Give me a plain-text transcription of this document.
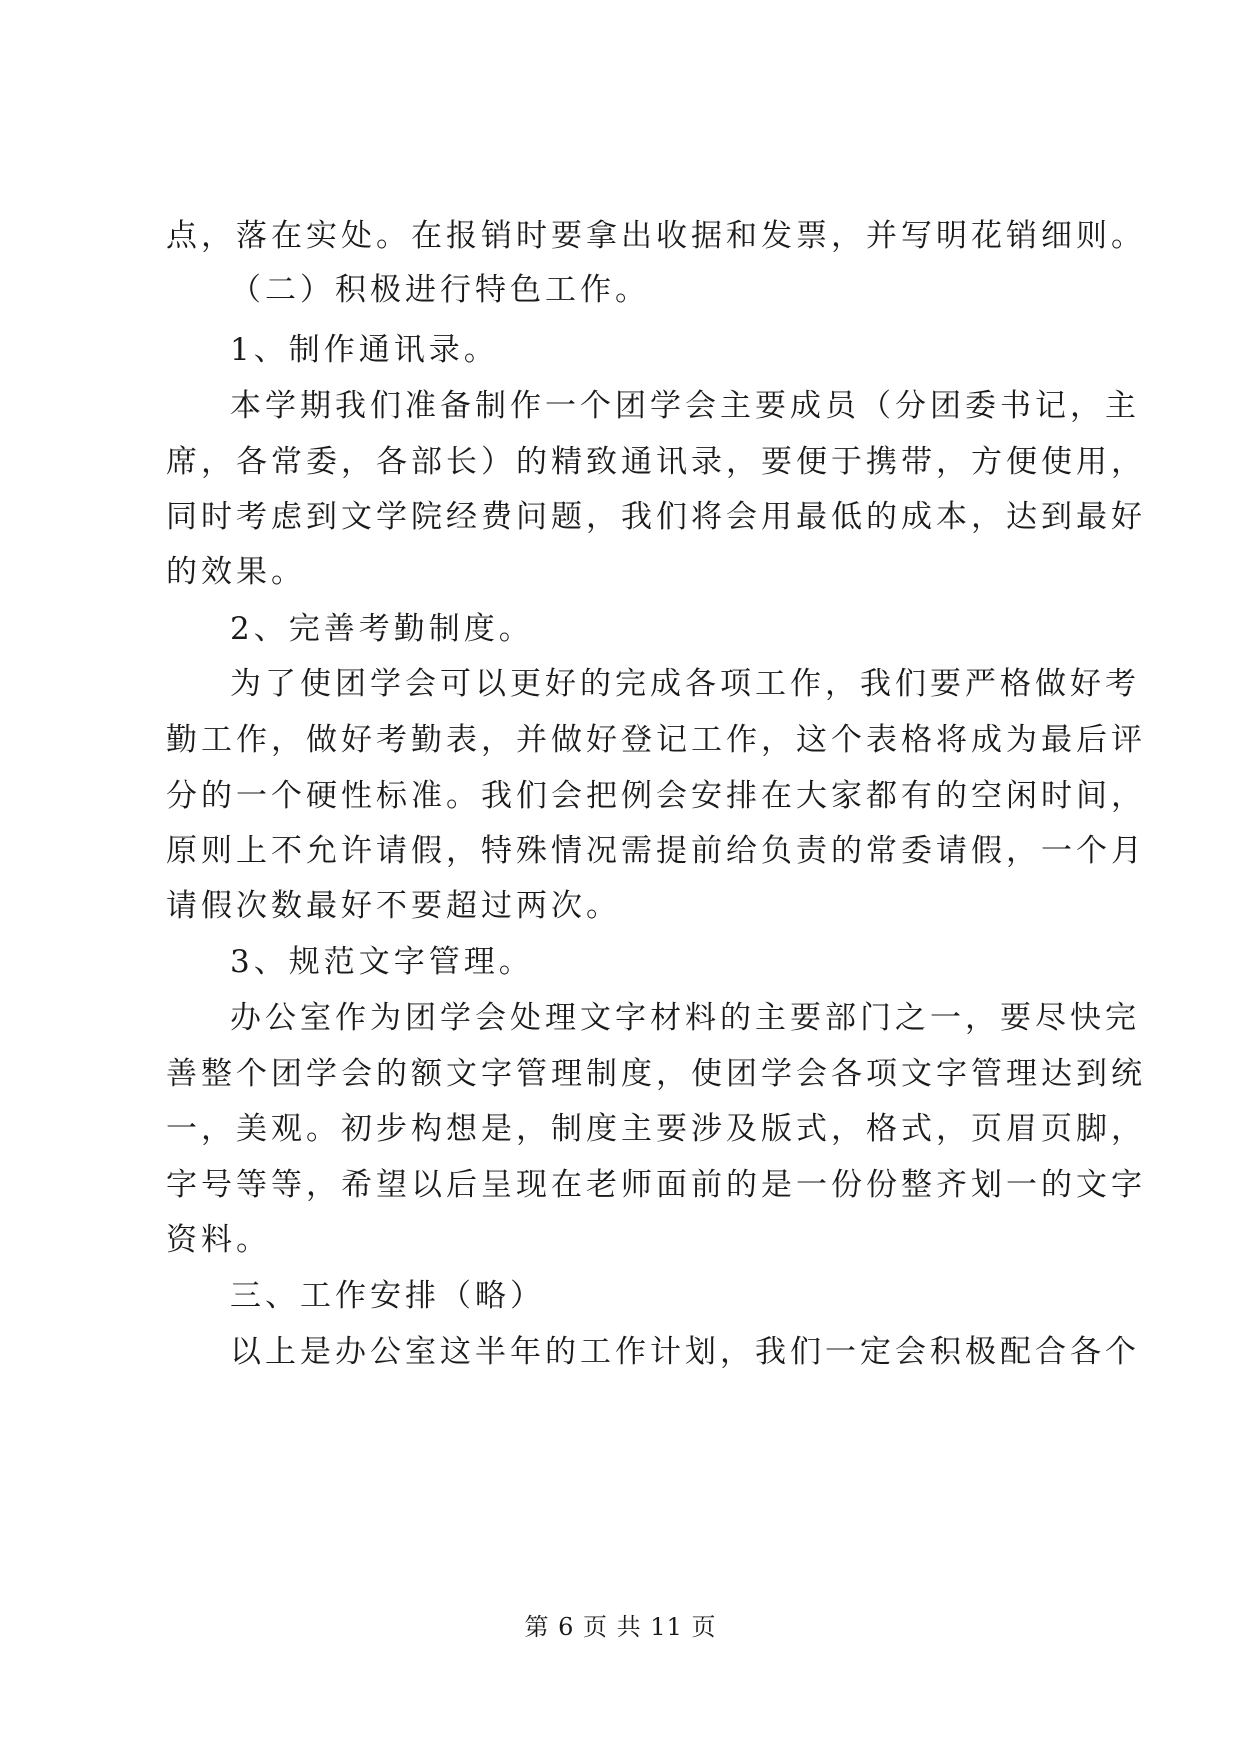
点，落在实处。在报销时要拿出收据和发票，并写明花销细则。
（二）积极进行特色工作。
1、制作通讯录。
本学期我们准备制作一个团学会主要成员（分团委书记，主
席，各常委，各部长）的精致通讯录，要便于携带，方便使用，
同时考虑到文学院经费问题，我们将会用最低的成本，达到最好
的效果。
2、完善考勤制度。
为了使团学会可以更好的完成各项工作，我们要严格做好考
勤工作，做好考勤表，并做好登记工作，这个表格将成为最后评
分的一个硬性标准。我们会把例会安排在大家都有的空闲时间，
原则上不允许请假，特殊情况需提前给负责的常委请假，一个月
请假次数最好不要超过两次。
3、规范文字管理。
办公室作为团学会处理文字材料的主要部门之一，要尽快完
善整个团学会的额文字管理制度，使团学会各项文字管理达到统
一，美观。初步构想是，制度主要涉及版式，格式，页眉页脚，
字号等等，希望以后呈现在老师面前的是一份份整齐划一的文字
资料。
三、工作安排（略）
以上是办公室这半年的工作计划，我们一定会积极配合各个
第 6 页 共 11 页
